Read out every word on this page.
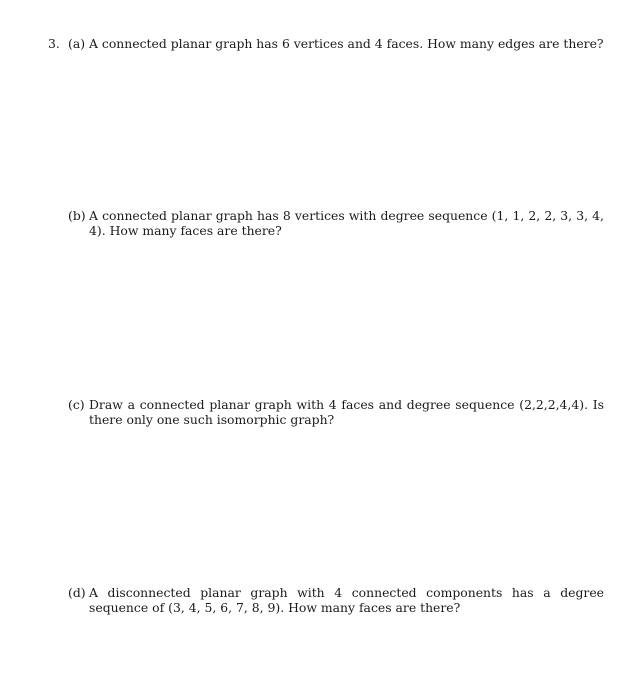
3. (a) A connected planar graph has 6 vertices and 4 faces. How many edges are there?
(b) A connected planar graph has 8 vertices with degree sequence (1, 1, 2, 2, 3, 3, 4, 4). How many faces are there?
(c) Draw a connected planar graph with 4 faces and degree sequence (2,2,2,4,4). Is there only one such isomorphic graph?
(d) A disconnected planar graph with 4 connected components has a degree sequence of (3, 4, 5, 6, 7, 8, 9). How many faces are there?
